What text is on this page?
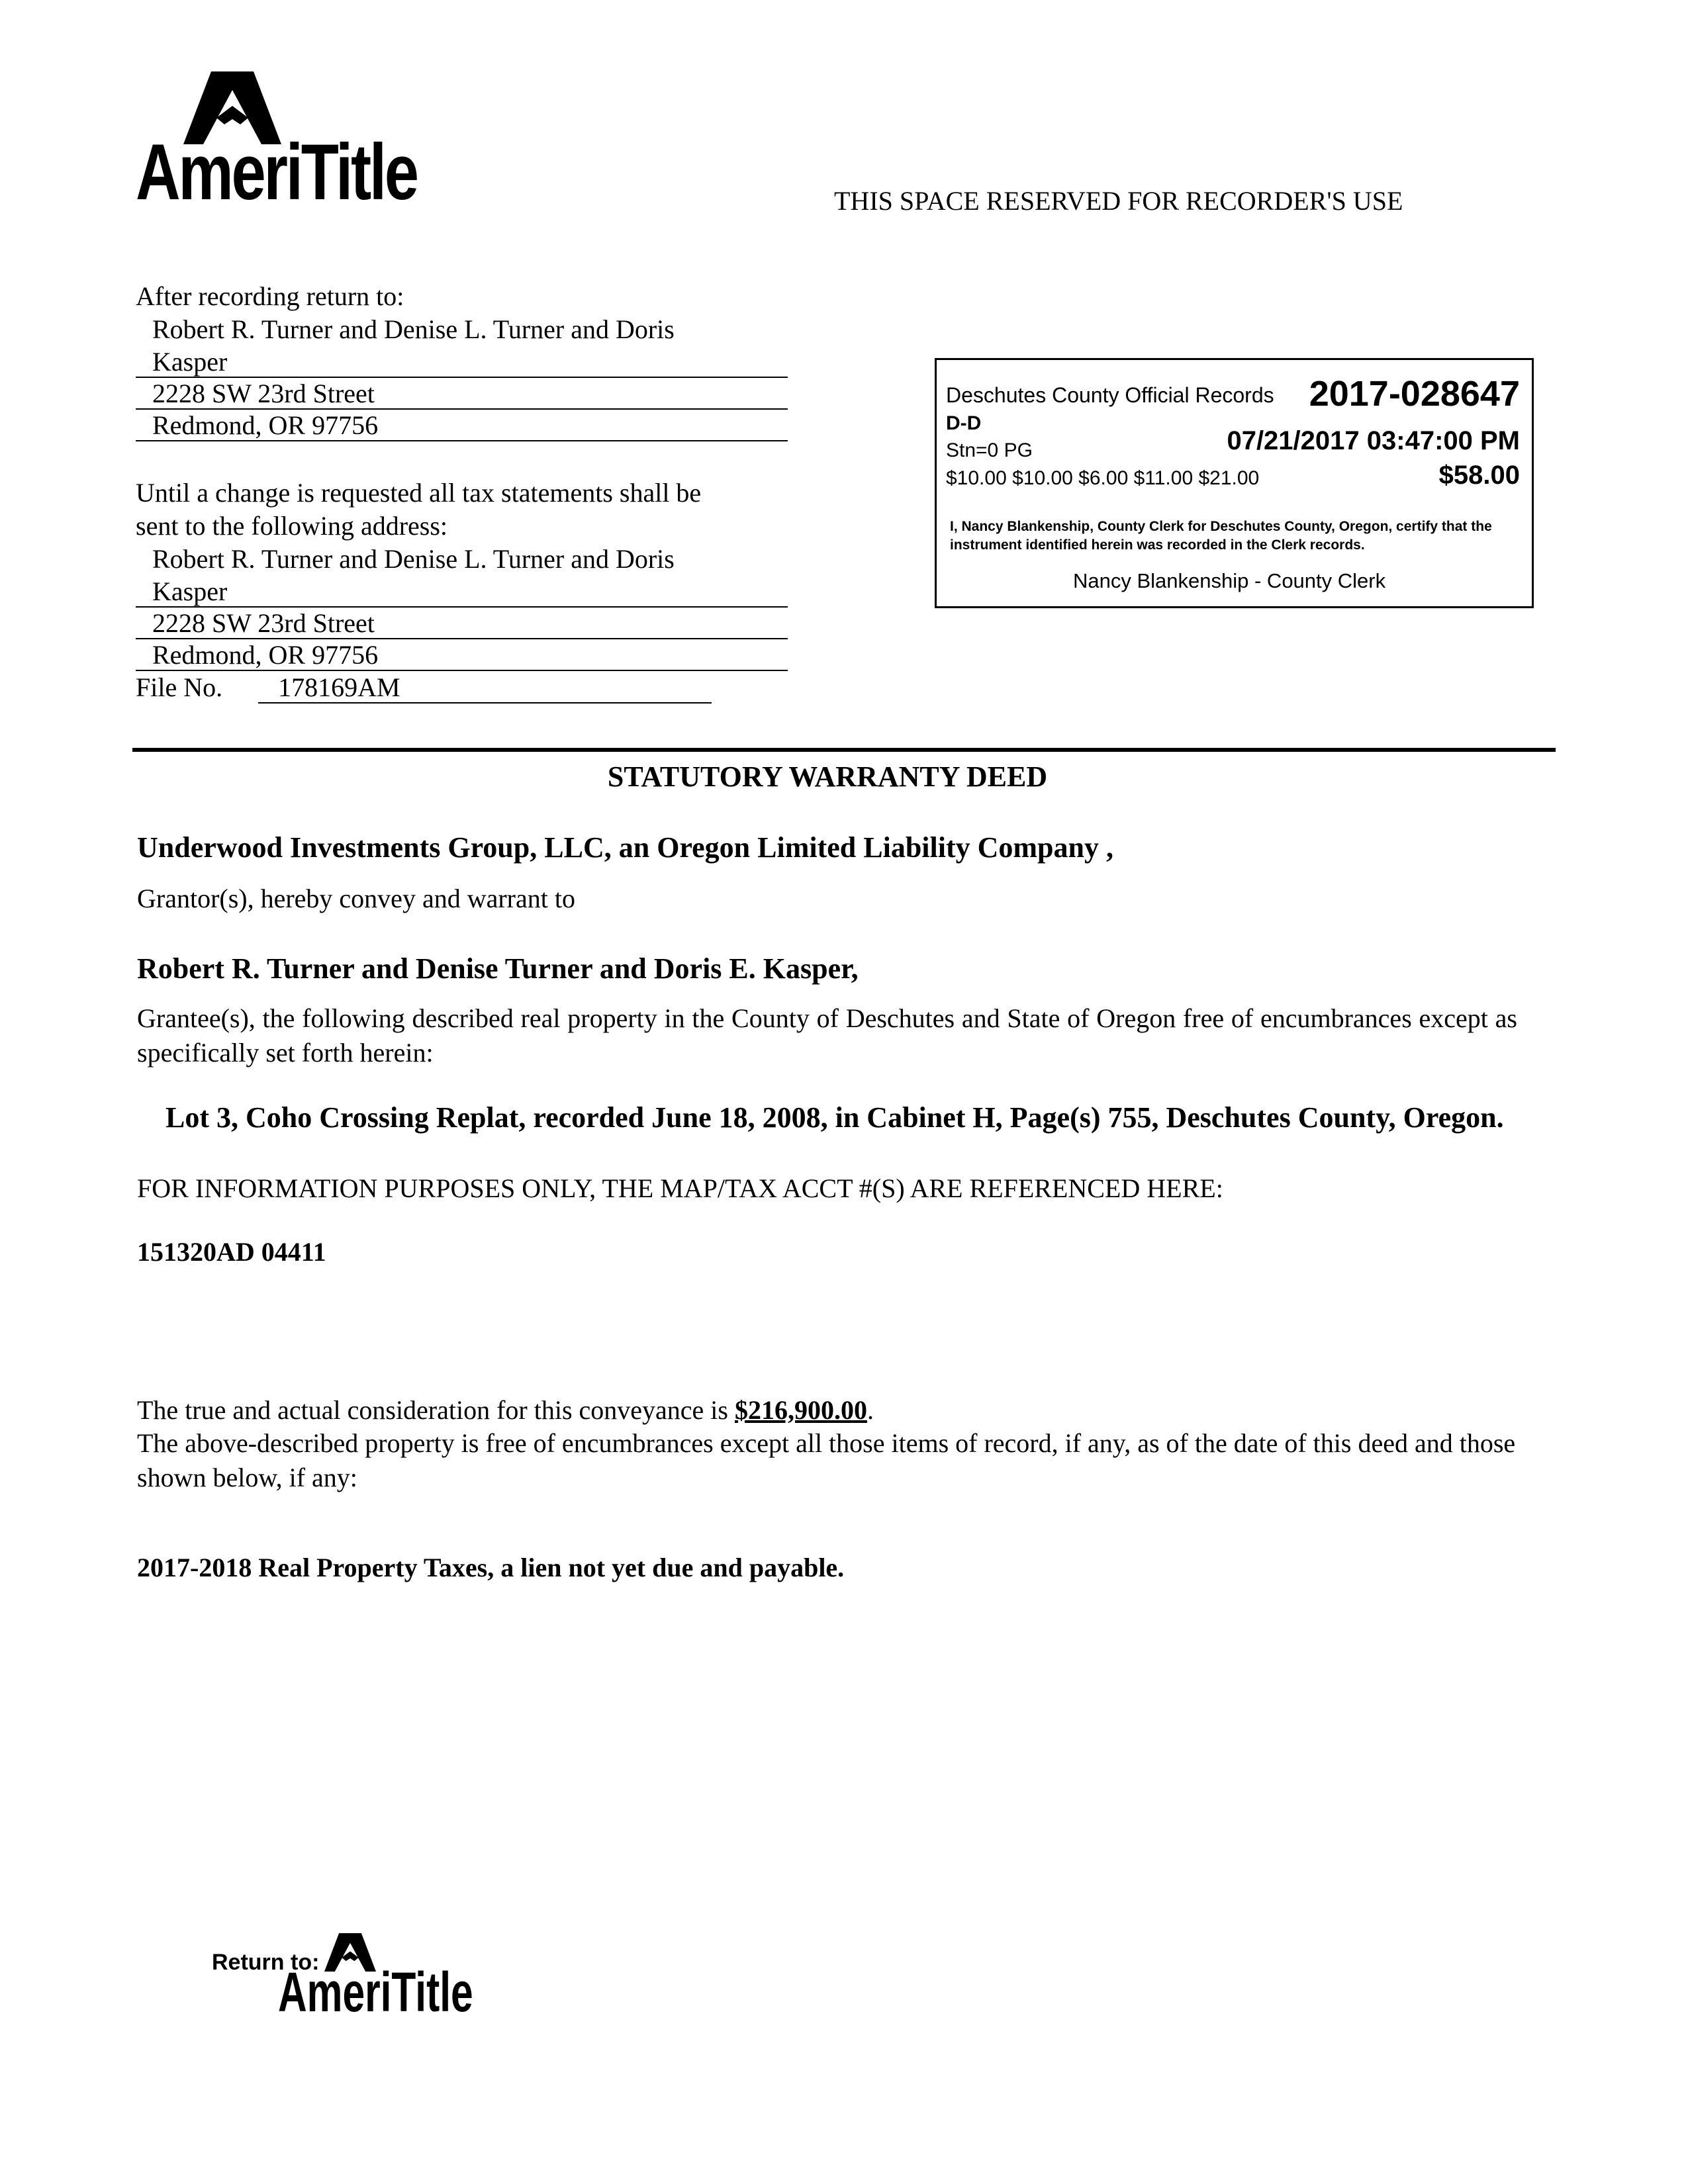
AmeriTitle	THIS SPACE RESERVED FOR RECORDER'S USE
After recording return to:
Robert R. Turner and Denise L. Turner and Doris
Kasper
2228 SW 23rd Street
Redmond, OR 97756
Until a change is requested all tax statements shall be
sent to the following address:
Robert R. Turner and Denise L. Turner and Doris
Kasper
2228 SW 23rd Street
Redmond, OR 97756
File No. 178169AM
Deschutes County Official Records 2017-028647
D-D
Stn=0 PG	07/21/2017 03:47:00 PM
$10.00 $10.00 $6.00 $11.00 $21.00	$58.00
I, Nancy Blankenship, County Clerk for Deschutes County, Oregon, certify that the instrument identified herein was recorded in the Clerk records.
Nancy Blankenship - County Clerk
STATUTORY WARRANTY DEED
Underwood Investments Group, LLC, an Oregon Limited Liability Company ,
Grantor(s), hereby convey and warrant to
Robert R. Turner and Denise Turner and Doris E. Kasper,
Grantee(s), the following described real property in the County of Deschutes and State of Oregon free of encumbrances except as specifically set forth herein:
Lot 3, Coho Crossing Replat, recorded June 18, 2008, in Cabinet H, Page(s) 755, Deschutes County, Oregon.
FOR INFORMATION PURPOSES ONLY, THE MAP/TAX ACCT #(S) ARE REFERENCED HERE:
151320AD 04411
The true and actual consideration for this conveyance is $216,900.00.
The above-described property is free of encumbrances except all those items of record, if any, as of the date of this deed and those shown below, if any:
2017-2018 Real Property Taxes, a lien not yet due and payable.
Return to:
AmeriTitle
